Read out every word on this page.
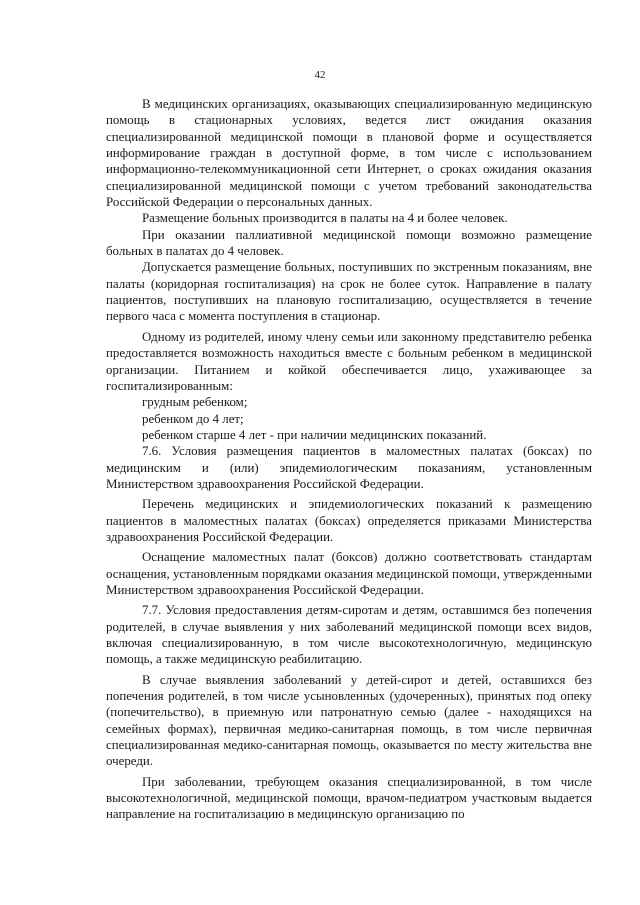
42

В медицинских организациях, оказывающих специализированную медицинскую помощь в стационарных условиях, ведется лист ожидания оказания специализированной медицинской помощи в плановой форме и осуществляется информирование граждан в доступной форме, в том числе с использованием информационно-телекоммуникационной сети Интернет, о сроках ожидания оказания специализированной медицинской помощи с учетом требований законодательства Российской Федерации о персональных данных.

Размещение больных производится в палаты на 4 и более человек.

При оказании паллиативной медицинской помощи возможно размещение больных в палатах до 4 человек.

Допускается размещение больных, поступивших по экстренным показаниям, вне палаты (коридорная госпитализация) на срок не более суток. Направление в палату пациентов, поступивших на плановую госпитализацию, осуществляется в течение первого часа с момента поступления в стационар.

Одному из родителей, иному члену семьи или законному представителю ребенка предоставляется возможность находиться вместе с больным ребенком в медицинской организации. Питанием и койкой обеспечивается лицо, ухаживающее за госпитализированным:

грудным ребенком;

ребенком до 4 лет;

ребенком старше 4 лет - при наличии медицинских показаний.

7.6. Условия размещения пациентов в маломестных палатах (боксах) по медицинским и (или) эпидемиологическим показаниям, установленным Министерством здравоохранения Российской Федерации.

Перечень медицинских и эпидемиологических показаний к размещению пациентов в маломестных палатах (боксах) определяется приказами Министерства здравоохранения Российской Федерации.

Оснащение маломестных палат (боксов) должно соответствовать стандартам оснащения, установленным порядками оказания медицинской помощи, утвержденными Министерством здравоохранения Российской Федерации.

7.7. Условия предоставления детям-сиротам и детям, оставшимся без попечения родителей, в случае выявления у них заболеваний медицинской помощи всех видов, включая специализированную, в том числе высокотехнологичную, медицинскую помощь, а также медицинскую реабилитацию.

В случае выявления заболеваний у детей-сирот и детей, оставшихся без попечения родителей, в том числе усыновленных (удочеренных), принятых под опеку (попечительство), в приемную или патронатную семью (далее - находящихся на семейных формах), первичная медико-санитарная помощь, в том числе первичная специализированная медико-санитарная помощь, оказывается по месту жительства вне очереди.

При заболевании, требующем оказания специализированной, в том числе высокотехнологичной, медицинской помощи, врачом-педиатром участковым выдается направление на госпитализацию в медицинскую организацию по
